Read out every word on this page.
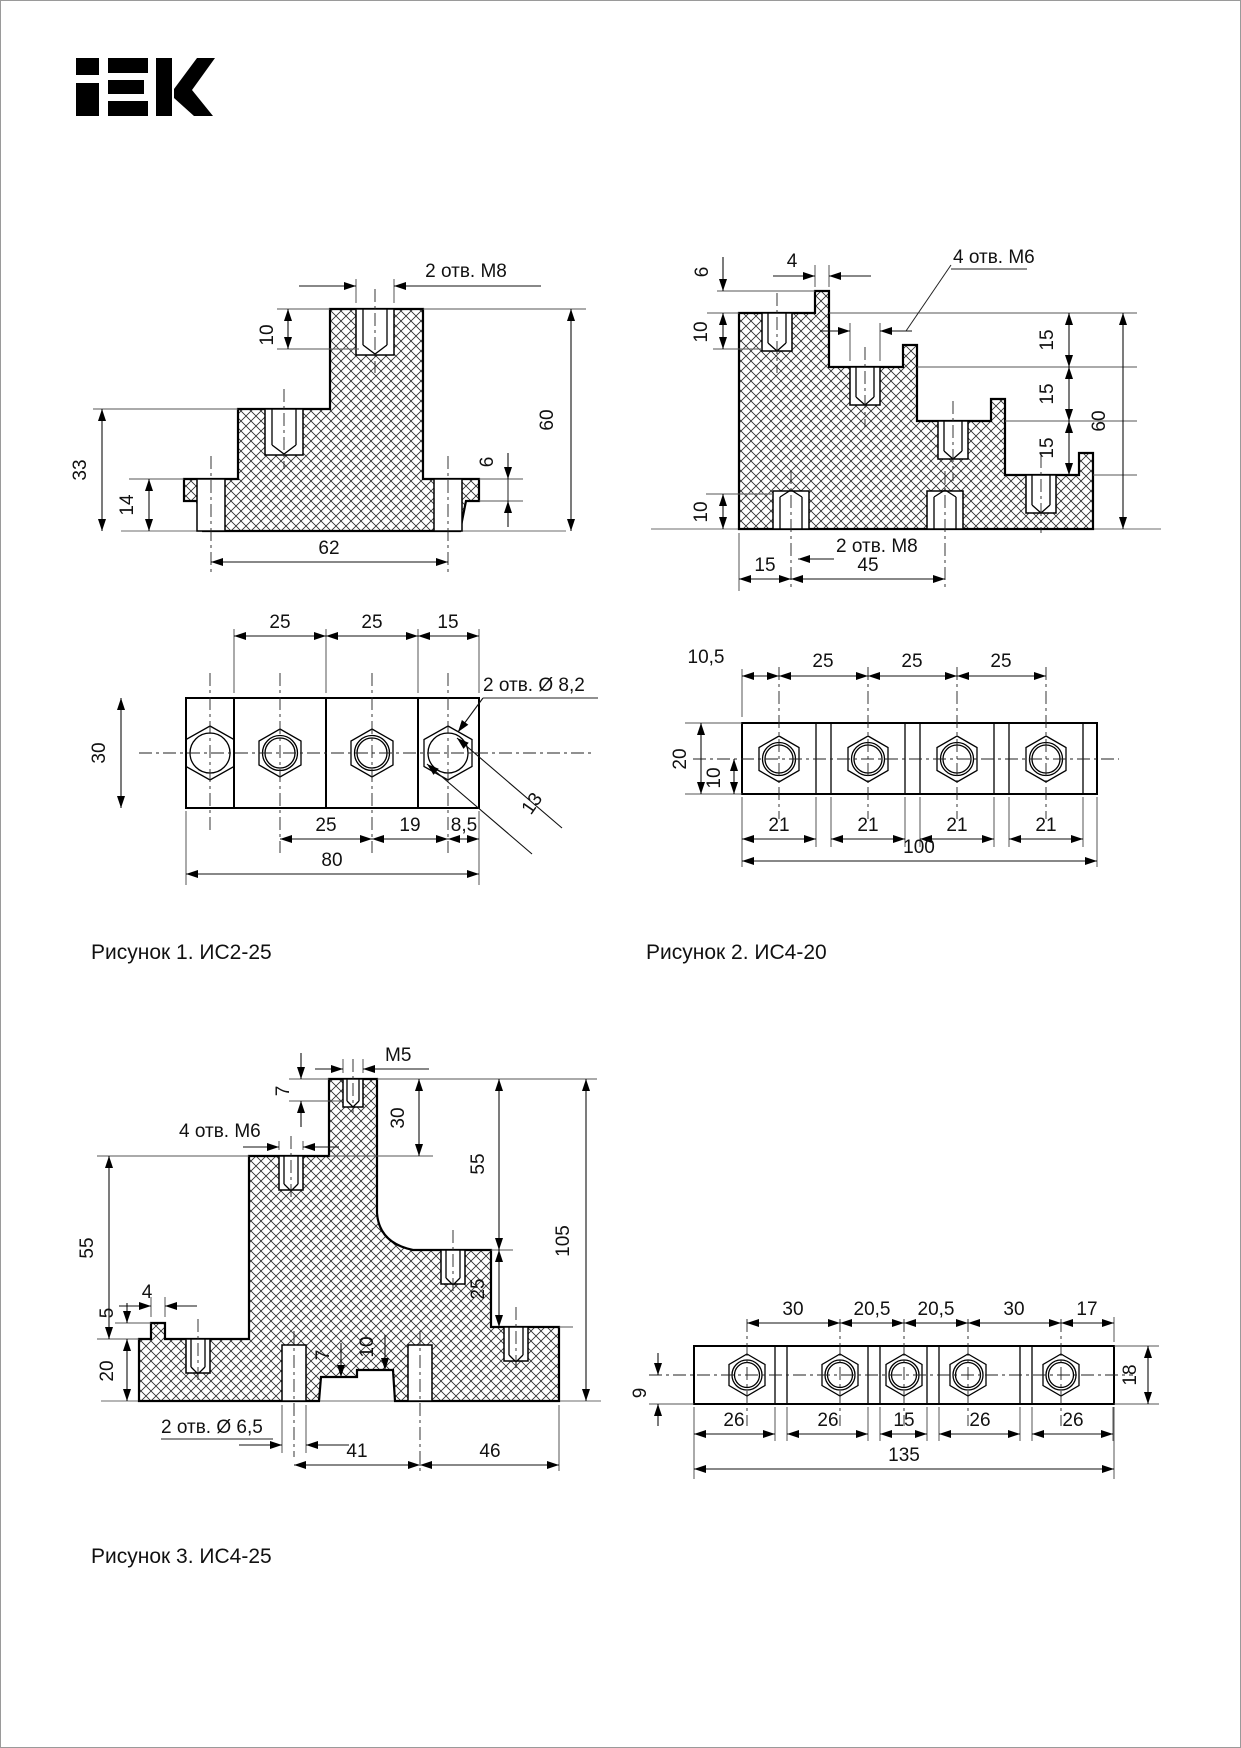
2 отв. М8
10
60
6
33
14
62
25	25	15
30
2 отв. Ø 8,2
13
25	19 8,5
80
Рисунок 1. ИС2-25
6
10
4	4 отв. М6
15
15
15
60
10
2 отв. М8
15	45
10,5	25	25	25
20
10
21	21	21	21
100
Рисунок 2. ИС4-20
М5
7
30
55
25
105
4 отв. М6
55
4
5
20
7 10
2 отв. Ø 6,5
41	46
30	20,5 20,5	30	17
9
18
26	26	15	26	26
135
Рисунок 3. ИС4-25
